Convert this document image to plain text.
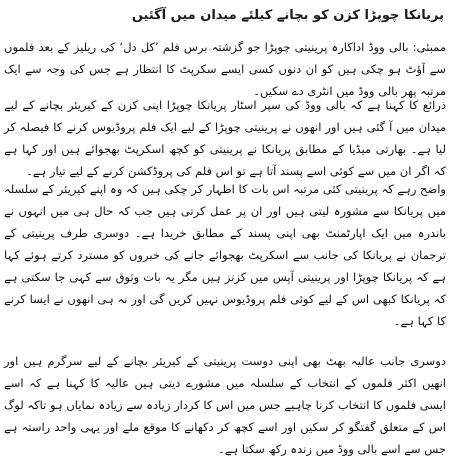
پریانکا چوپڑا کزن کو بچانے کیلئے میدان میں آگئیں

ممبئی: بالی ووڈ اداکارہ پرینیتی چوپڑا جو گزشتہ برس فلم ’کل دل‘ کی ریلیز کے بعد فلموں سے آؤٹ ہو چکی ہیں کو ان دنوں کسی ایسے سکرپٹ کا انتظار ہے جس کی وجہ سے ایک مرتبہ پھر بالی ووڈ میں انٹری دے سکیں۔

ذرائع کا کہنا ہے کہ بالی ووڈ کی سپر اسٹار پریانکا چوپڑا اپنی کزن کے کیریئر بچانے کے لیے میدان میں آ گئی ہیں اور انھوں نے پرینیتی چوپڑا کے لیے ایک فلم پروڈیوس کرنے کا فیصلہ کر لیا ہے۔ بھارتی میڈیا کے مطابق پریانکا نے پرینیتی کو کچھ اسکرپٹ بھجوائے ہیں اور کہا ہے کہ اگر ان میں سے کوئی اسے پسند آتا ہے تو اس فلم کی پروڈکشن کرنے کے لیے تیار ہے۔

واضح رہے کہ پرینیتی کئی مرتبہ اس بات کا اظہار کر چکی ہیں کہ وہ اپنے کیریئر کے سلسلہ میں پریانکا سے مشورہ لیتی ہیں اور ان پر عمل کرتی ہیں جب کہ حال ہی میں انہوں نے باندرہ میں ایک اپارٹمنٹ بھی اپنی پسند کے مطابق خریدا ہے۔ دوسری طرف پرینیتی کے ترجمان نے پریانکا کی جانب سے اسکرپٹ بھجوائے جانے کی خبروں کو مسترد کرتے ہوئے کہا ہے کہ پریانکا چوپڑا اور پرینیتی آپس میں کزنز ہیں مگر یہ بات وثوق سے کہی جا سکتی ہے کہ پریانکا کبھی اس کے لیے کوئی فلم پروڈیوس نہیں کریں گی اور نہ ہی انھوں نے ایسا کرنے کا کہا ہے۔

دوسری جانب عالیہ بھٹ بھی اپنی دوست پرینیتی کے کیریئر بچانے کے لیے سرگرم ہیں اور انھیں اکثر فلموں کے انتخاب کے سلسلہ میں مشورے دیتی ہیں عالیہ کا کہنا ہے کہ اسے ایسی فلموں کا انتخاب کرنا چاہیے جس میں اس کا کردار زیادہ سے زیادہ نمایاں ہو تاکہ لوگ اس کے متعلق گفتگو کر سکیں اور اسے کچھ کر دکھانے کا موقع ملے اور یہی واحد راستہ ہے جس سے اسے بالی ووڈ میں زندہ رکھ سکتا ہے۔
